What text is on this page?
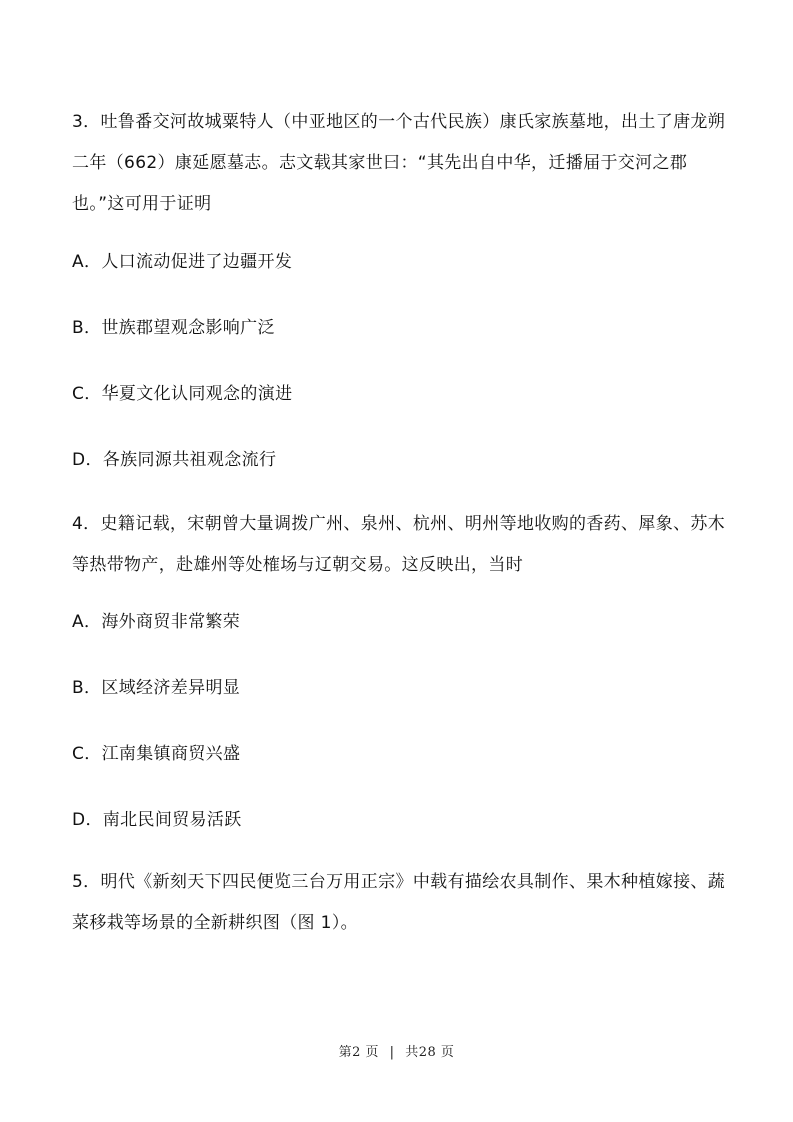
3．吐鲁番交河故城粟特人（中亚地区的一个古代民族）康氏家族墓地，出土了唐龙朔二年（662）康延愿墓志。志文载其家世曰：“其先出自中华，迁播届于交河之郡也。”这可用于证明

A．人口流动促进了边疆开发

B．世族郡望观念影响广泛

C．华夏文化认同观念的演进

D．各族同源共祖观念流行

4．史籍记载，宋朝曾大量调拨广州、泉州、杭州、明州等地收购的香药、犀象、苏木等热带物产，赴雄州等处榷场与辽朝交易。这反映出，当时

A．海外商贸非常繁荣

B．区域经济差异明显

C．江南集镇商贸兴盛

D．南北民间贸易活跃

5．明代《新刻天下四民便览三台万用正宗》中载有描绘农具制作、果木种植嫁接、蔬菜移栽等场景的全新耕织图（图 1）。

第2 页 | 共28 页
